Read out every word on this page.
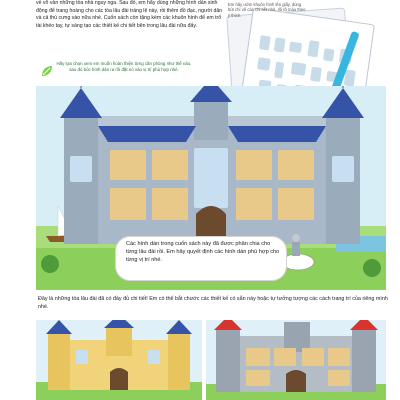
về vô vàn những tòa nhà nguy nga. Sau đó, em hãy dùng những hình dán sinh động để trang hoàng cho các tòa lâu đài tráng lệ này, rồi thêm đồ đạc, người dân và cả thú cưng vào nữa nhé. Cuốn sách còn tặng kèm các khuôn hình để em trổ tài khéo tay, tự sáng tạo các thiết kế chi tiết bên trong lâu đài nữa đấy.
Em hãy ướm khuôn hình lên giấy, dùng bút chì vẽ các chi tiết nhỏ, rồi tô màu theo ý thích.
Hãy lựa chọn xem em muốn hoàn thiện từng căn phòng như thế nào, sau đó bóc hình dán ra rồi đặt nó vào vị trí phù hợp nhé.
Các hình dán trong cuốn sách này đã được phân chia cho từng lâu đài rồi. Em hãy quyết định các hình dán phù hợp cho từng vị trí nhé.
Đây là những tòa lâu đài đã có đầy đủ chi tiết! Em có thể bắt chước các thiết kế có sẵn này hoặc tự tưởng tượng các cách trang trí của riêng mình nhé.
